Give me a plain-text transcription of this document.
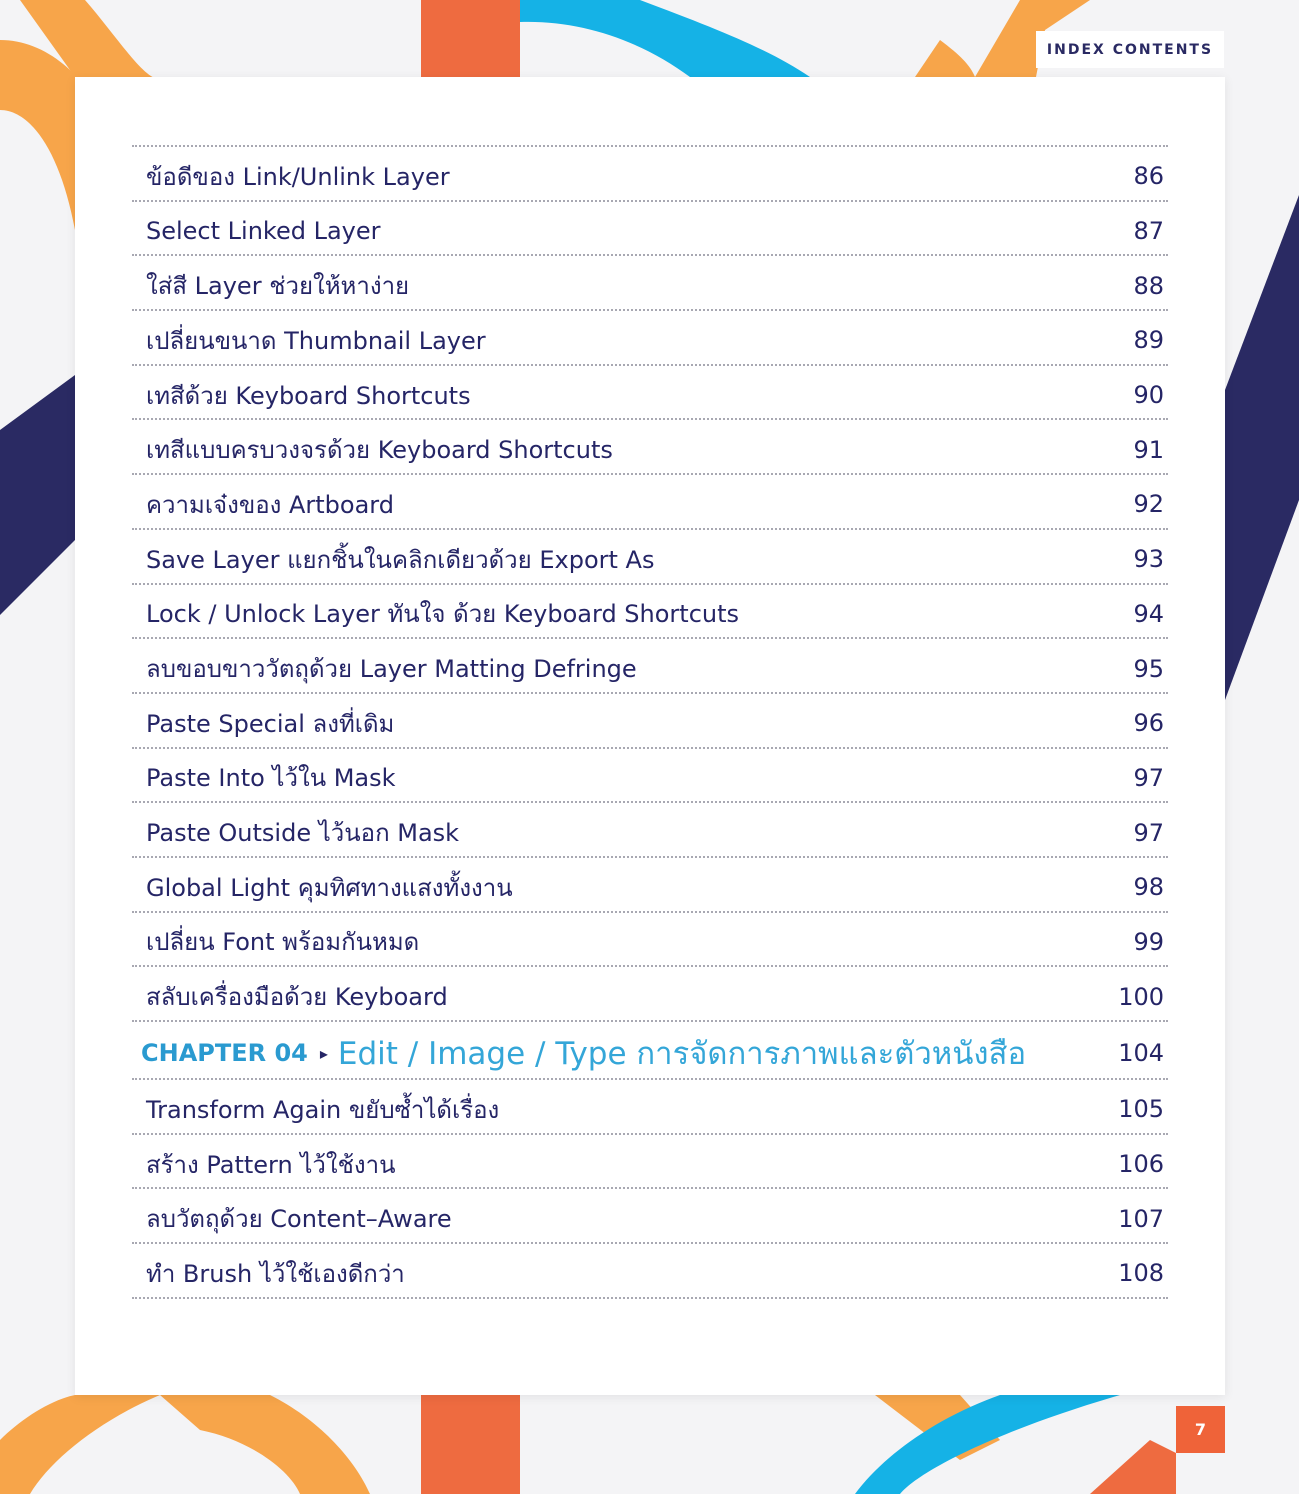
INDEX CONTENTS
ข้อดีของ Link/Unlink Layer	86
Select Linked Layer	87
ใส่สี Layer ช่วยให้หาง่าย	88
เปลี่ยนขนาด Thumbnail Layer	89
เทสีด้วย Keyboard Shortcuts	90
เทสีแบบครบวงจรด้วย Keyboard Shortcuts	91
ความเจ๋งของ Artboard	92
Save Layer แยกชิ้นในคลิกเดียวด้วย Export As	93
Lock / Unlock Layer ทันใจ ด้วย Keyboard Shortcuts	94
ลบขอบขาววัตถุด้วย Layer Matting Defringe	95
Paste Special ลงที่เดิม	96
Paste Into ไว้ใน Mask	97
Paste Outside ไว้นอก Mask	97
Global Light คุมทิศทางแสงทั้งงาน	98
เปลี่ยน Font พร้อมกันหมด	99
สลับเครื่องมือด้วย Keyboard	100
CHAPTER 04 ▸ Edit / Image / Type การจัดการภาพและตัวหนังสือ	104
Transform Again ขยับซ้ำได้เรื่อง	105
สร้าง Pattern ไว้ใช้งาน	106
ลบวัตถุด้วย Content–Aware	107
ทำ Brush ไว้ใช้เองดีกว่า	108
7
